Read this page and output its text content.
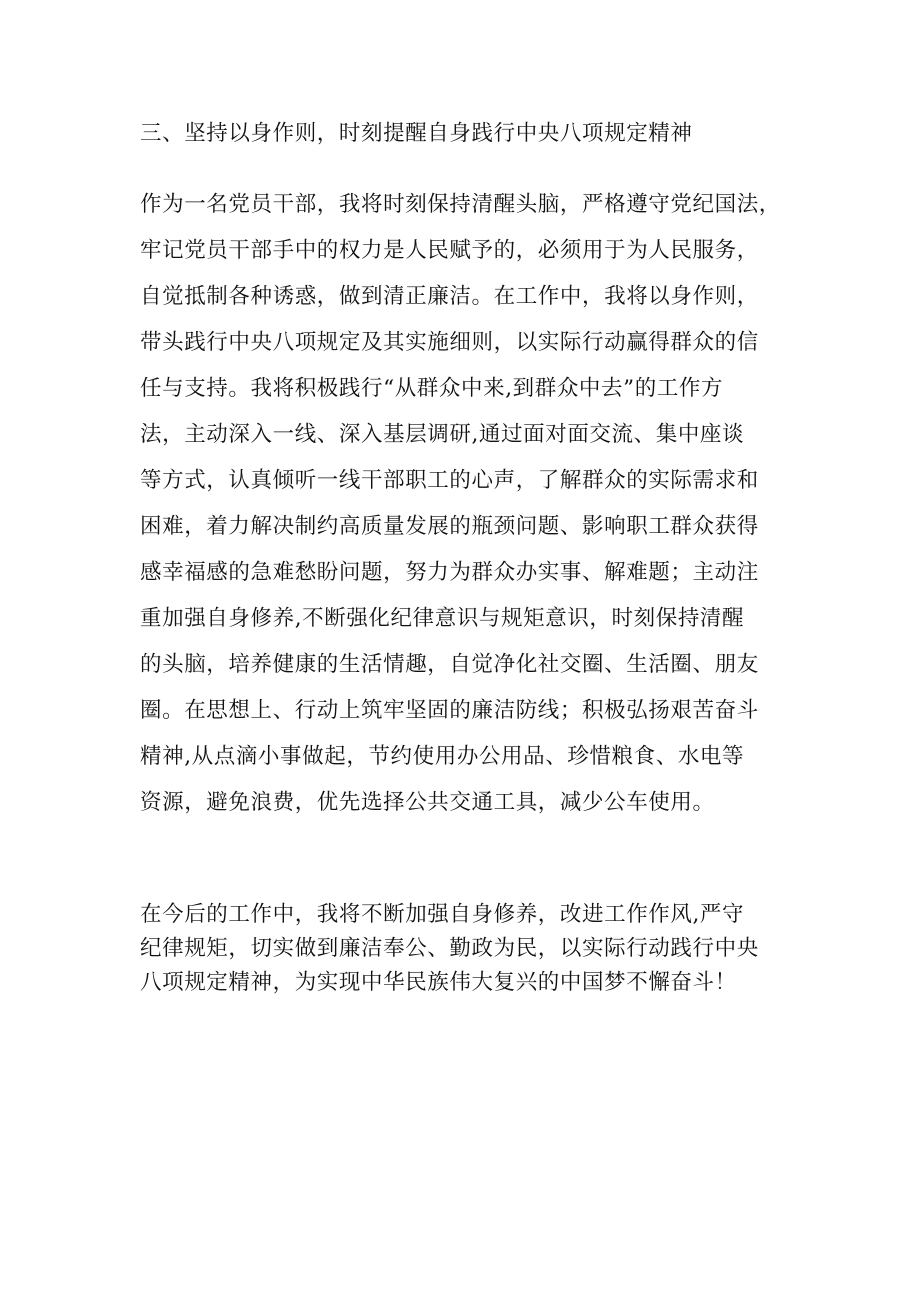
三、坚持以身作则，时刻提醒自身践行中央八项规定精神
作为一名党员干部，我将时刻保持清醒头脑，严格遵守党纪国法，
牢记党员干部手中的权力是人民赋予的，必须用于为人民服务，
自觉抵制各种诱惑，做到清正廉洁。在工作中，我将以身作则，
带头践行中央八项规定及其实施细则，以实际行动赢得群众的信
任与支持。我将积极践行“从群众中来,到群众中去”的工作方
法，主动深入一线、深入基层调研,通过面对面交流、集中座谈
等方式，认真倾听一线干部职工的心声，了解群众的实际需求和
困难，着力解决制约高质量发展的瓶颈问题、影响职工群众获得
感幸福感的急难愁盼问题，努力为群众办实事、解难题；主动注
重加强自身修养,不断强化纪律意识与规矩意识，时刻保持清醒
的头脑，培养健康的生活情趣，自觉净化社交圈、生活圈、朋友
圈。在思想上、行动上筑牢坚固的廉洁防线；积极弘扬艰苦奋斗
精神,从点滴小事做起，节约使用办公用品、珍惜粮食、水电等
资源，避免浪费，优先选择公共交通工具，减少公车使用。
在今后的工作中，我将不断加强自身修养，改进工作作风,严守
纪律规矩，切实做到廉洁奉公、勤政为民，以实际行动践行中央
八项规定精神，为实现中华民族伟大复兴的中国梦不懈奋斗！
